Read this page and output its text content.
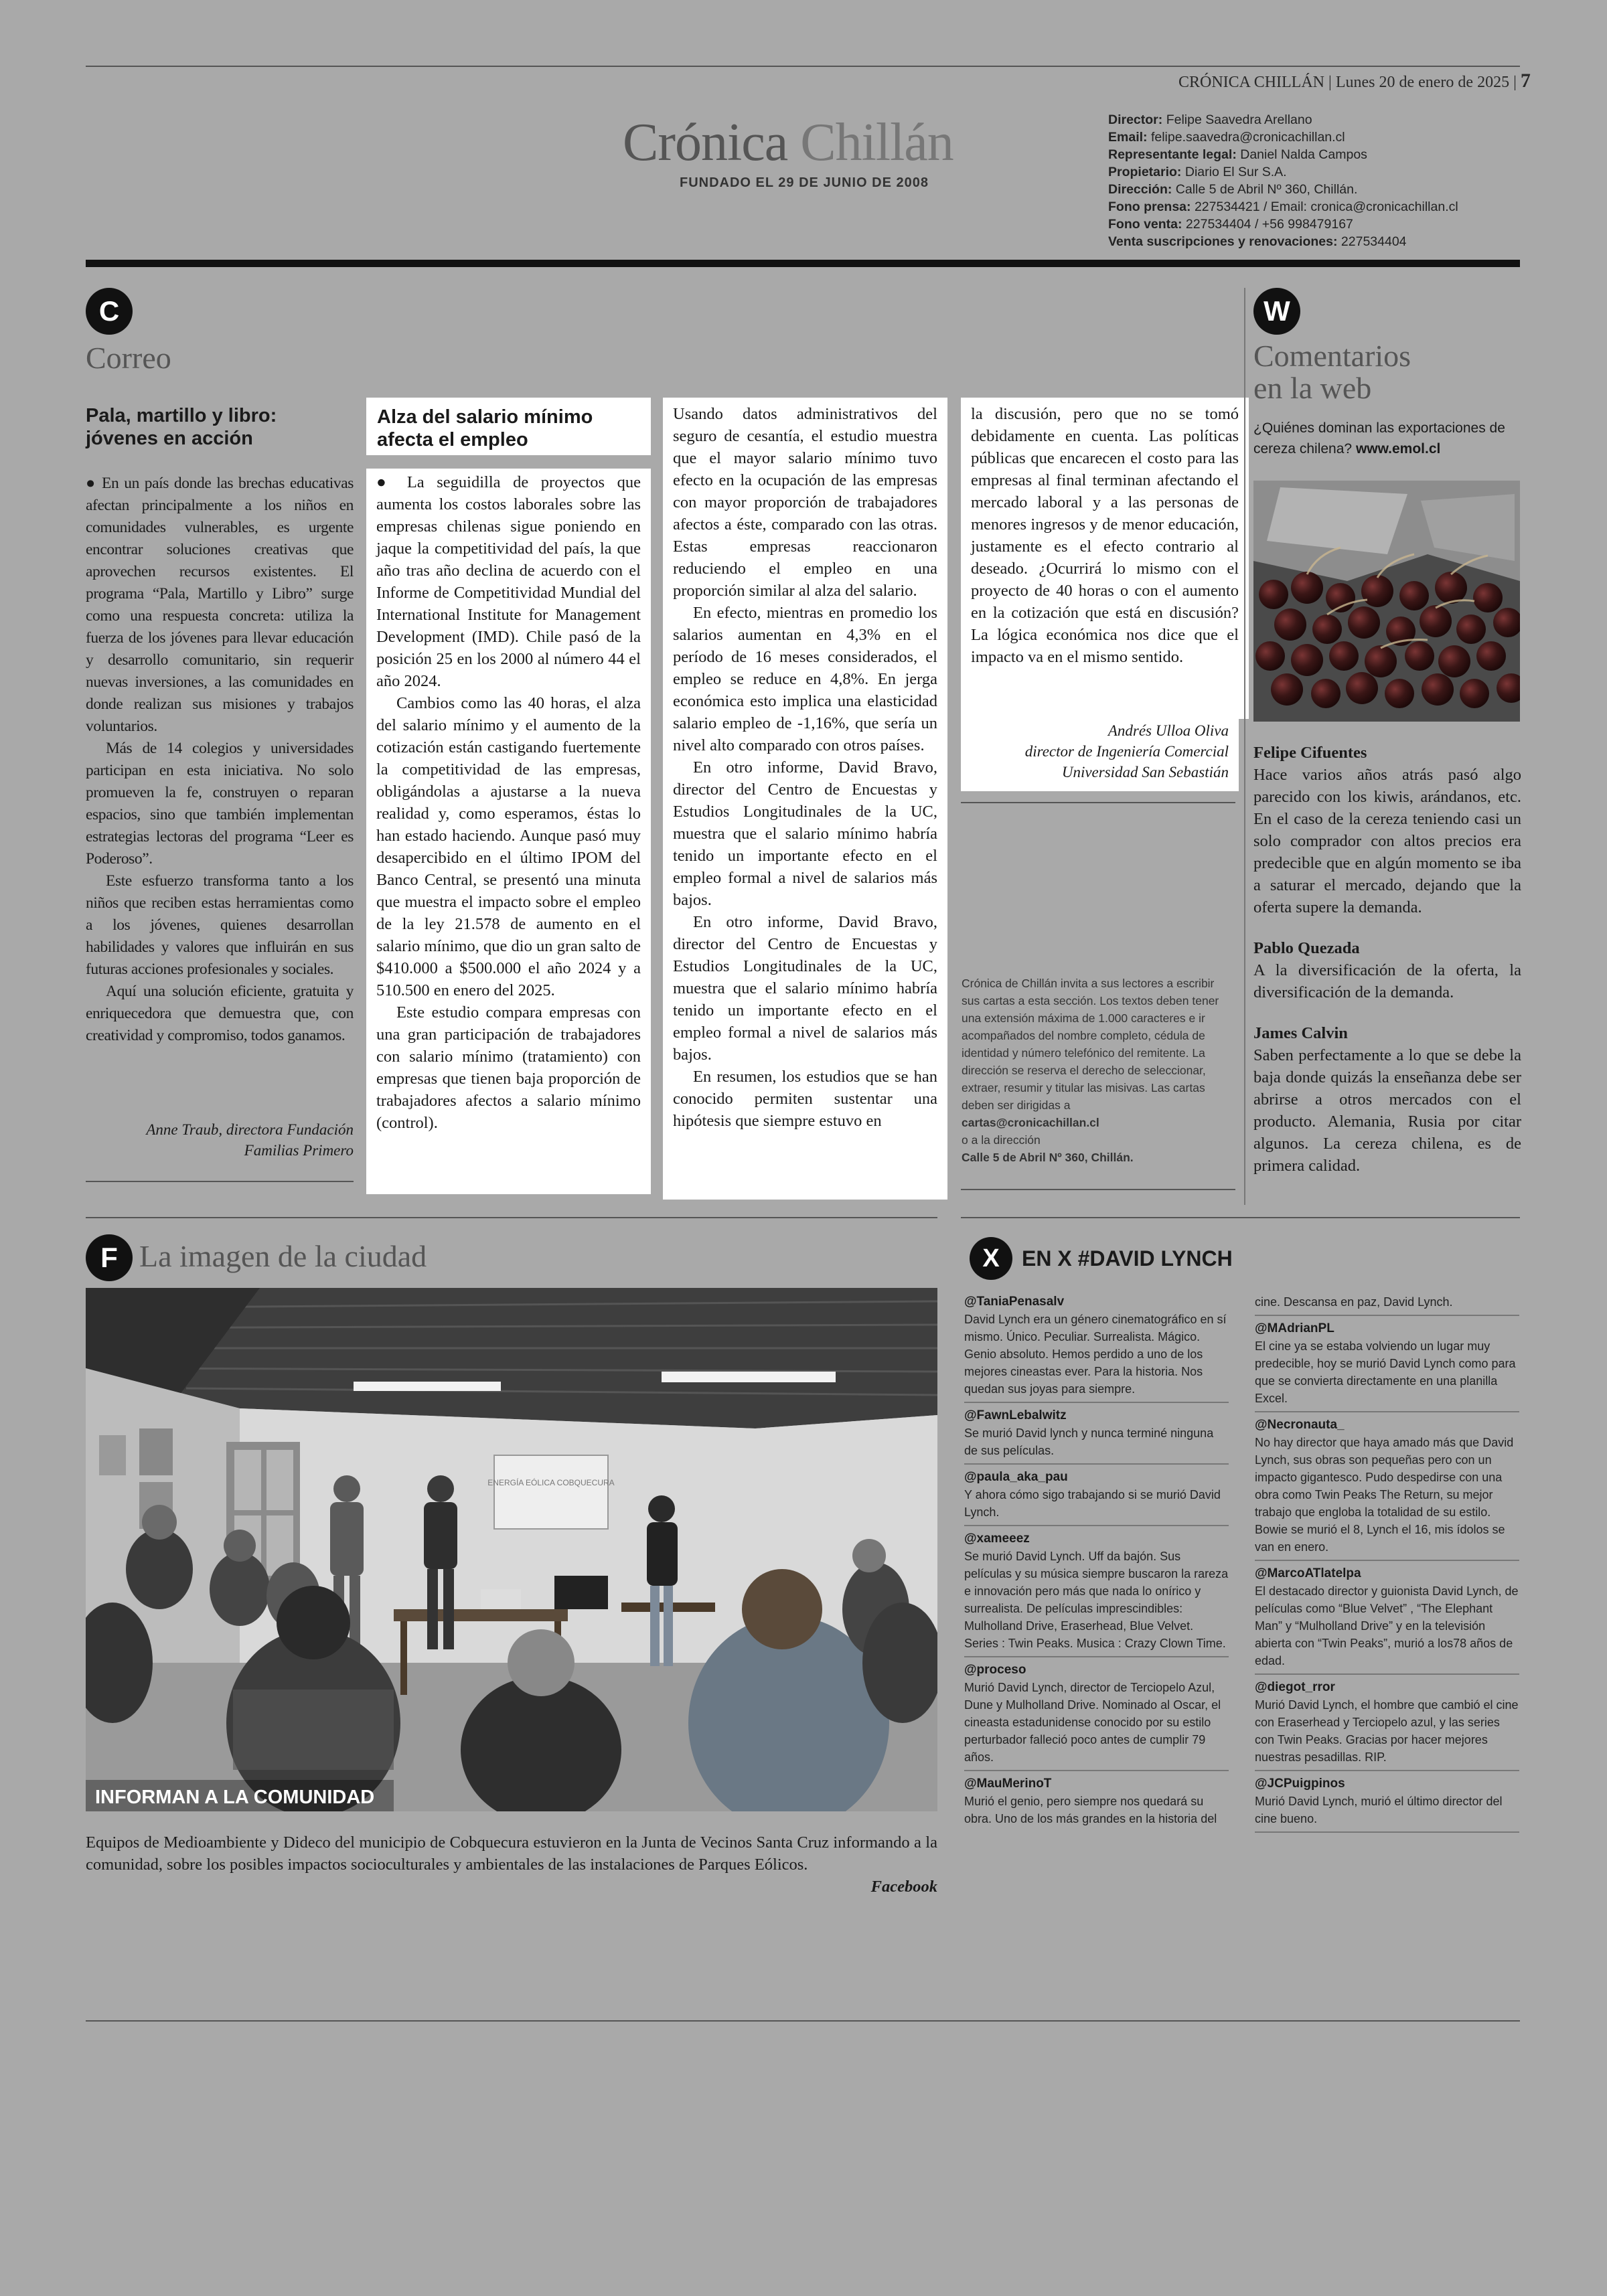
CRÓNICA CHILLÁN | Lunes 20 de enero de 2025 | 7
Crónica Chillán
FUNDADO EL 29 DE JUNIO DE 2008
Director: Felipe Saavedra Arellano
Email: felipe.saavedra@cronicachillan.cl
Representante legal: Daniel Nalda Campos
Propietario: Diario El Sur S.A.
Dirección: Calle 5 de Abril Nº 360, Chillán.
Fono prensa: 227534421 / Email: cronica@cronicachillan.cl
Fono venta: 227534404 / +56 998479167
Venta suscripciones y renovaciones: 227534404
C
Correo
Pala, martillo y libro: jóvenes en acción

● En un país donde las brechas educativas afectan principalmente a los niños en comunidades vulnerables, es urgente encontrar soluciones creativas que aprovechen recursos existentes. El programa “Pala, Martillo y Libro” surge como una respuesta concreta: utiliza la fuerza de los jóvenes para llevar educación y desarrollo comunitario, sin requerir nuevas inversiones, a las comunidades en donde realizan sus misiones y trabajos voluntarios.

Más de 14 colegios y universidades participan en esta iniciativa. No solo promueven la fe, construyen o reparan espacios, sino que también implementan estrategias lectoras del programa “Leer es Poderoso”.

Este esfuerzo transforma tanto a los niños que reciben estas herramientas como a los jóvenes, quienes desarrollan habilidades y valores que influirán en sus futuras acciones profesionales y sociales.

Aquí una solución eficiente, gratuita y enriquecedora que demuestra que, con creatividad y compromiso, todos ganamos.

Anne Traub, directora Fundación
Familias Primero
Alza del salario mínimo afecta el empleo

● La seguidilla de proyectos que aumenta los costos laborales sobre las empresas chilenas sigue poniendo en jaque la competitividad del país, la que año tras año declina de acuerdo con el Informe de Competitividad Mundial del International Institute for Management Development (IMD). Chile pasó de la posición 25 en los 2000 al número 44 el año 2024.

Cambios como las 40 horas, el alza del salario mínimo y el aumento de la cotización están castigando fuertemente la competitividad de las empresas, obligándolas a ajustarse a la nueva realidad y, como esperamos, éstas lo han estado haciendo. Aunque pasó muy desapercibido en el último IPOM del Banco Central, se presentó una minuta que muestra el impacto sobre el empleo de la ley 21.578 de aumento en el salario mínimo, que dio un gran salto de $410.000 a $500.000 el año 2024 y a 510.500 en enero del 2025.

Este estudio compara empresas con una gran participación de trabajadores con salario mínimo (tratamiento) con empresas que tienen baja proporción de trabajadores afectos a salario mínimo (control).

Usando datos administrativos del seguro de cesantía, el estudio muestra que el mayor salario mínimo tuvo efecto en la ocupación de las empresas con mayor proporción de trabajadores afectos a éste, comparado con las otras. Estas empresas reaccionaron reduciendo el empleo en una proporción similar al alza del salario.

En efecto, mientras en promedio los salarios aumentan en 4,3% en el período de 16 meses considerados, el empleo se reduce en 4,8%. En jerga económica esto implica una elasticidad salario empleo de -1,16%, que sería un nivel alto comparado con otros países.

En otro informe, David Bravo, director del Centro de Encuestas y Estudios Longitudinales de la UC, muestra que el salario mínimo habría tenido un importante efecto en el empleo formal a nivel de salarios más bajos.

En otro informe, David Bravo, director del Centro de Encuestas y Estudios Longitudinales de la UC, muestra que el salario mínimo habría tenido un importante efecto en el empleo formal a nivel de salarios más bajos.

En resumen, los estudios que se han conocido permiten sustentar una hipótesis que siempre estuvo en

la discusión, pero que no se tomó debidamente en cuenta. Las políticas públicas que encarecen el costo para las empresas al final terminan afectando el mercado laboral y a las personas de menores ingresos y de menor educación, justamente es el efecto contrario al deseado. ¿Ocurrirá lo mismo con el proyecto de 40 horas o con el aumento en la cotización que está en discusión? La lógica económica nos dice que el impacto va en el mismo sentido.

Andrés Ulloa Oliva
director de Ingeniería Comercial
Universidad San Sebastián
Crónica de Chillán invita a sus lectores a escribir sus cartas a esta sección. Los textos deben tener una extensión máxima de 1.000 caracteres e ir acompañados del nombre completo, cédula de identidad y número telefónico del remitente. La dirección se reserva el derecho de seleccionar, extraer, resumir y titular las misivas. Las cartas deben ser dirigidas a
cartas@cronicachillan.cl
o a la dirección
Calle 5 de Abril Nº 360, Chillán.
W
Comentarios
en la web
¿Quiénes dominan las exportaciones de cereza chilena? www.emol.cl

Felipe Cifuentes
Hace varios años atrás pasó algo parecido con los kiwis, arándanos, etc. En el caso de la cereza teniendo casi un solo comprador con altos precios era predecible que en algún momento se iba a saturar el mercado, dejando que la oferta supere la demanda.

Pablo Quezada
A la diversificación de la oferta, la diversificación de la demanda.

James Calvin
Saben perfectamente a lo que se debe la baja donde quizás la enseñanza debe ser abrirse a otros mercados con el producto. Alemania, Rusia por citar algunos. La cereza chilena, es de primera calidad.

F La imagen de la ciudad
ENERGÍA EÓLICA COBQUECURA
INFORMAN A LA COMUNIDAD
Equipos de Medioambiente y Dideco del municipio de Cobquecura estuvieron en la Junta de Vecinos Santa Cruz informando a la comunidad, sobre los posibles impactos socioculturales y ambientales de las instalaciones de Parques Eólicos.
Facebook
X	EN X #DAVID LYNCH
@TaniaPenasalv
David Lynch era un género cinematográfico en sí mismo. Único. Peculiar. Surrealista. Mágico. Genio absoluto. Hemos perdido a uno de los mejores cineastas ever. Para la historia. Nos quedan sus joyas para siempre.
@FawnLebalwitz
Se murió David lynch y nunca terminé ninguna de sus películas.
@paula_aka_pau
Y ahora cómo sigo trabajando si se murió David Lynch.
@xameeez
Se murió David Lynch. Uff da bajón. Sus películas y su música siempre buscaron la rareza e innovación pero más que nada lo onírico y surrealista. De películas imprescindibles: Mulholland Drive, Eraserhead, Blue Velvet. Series : Twin Peaks. Musica : Crazy Clown Time.
@proceso
Murió David Lynch, director de Terciopelo Azul, Dune y Mulholland Drive. Nominado al Oscar, el cineasta estadunidense conocido por su estilo perturbador falleció poco antes de cumplir 79 años.
@MauMerinoT
Murió el genio, pero siempre nos quedará su obra. Uno de los más grandes en la historia del
cine. Descansa en paz, David Lynch.
@MAdrianPL
El cine ya se estaba volviendo un lugar muy predecible, hoy se murió David Lynch como para que se convierta directamente en una planilla Excel.
@Necronauta_
No hay director que haya amado más que David Lynch, sus obras son pequeñas pero con un impacto gigantesco. Pudo despedirse con una obra como Twin Peaks The Return, su mejor trabajo que engloba la totalidad de su estilo. Bowie se murió el 8, Lynch el 16, mis ídolos se van en enero.
@MarcoATlatelpa
El destacado director y guionista David Lynch, de películas como “Blue Velvet” , “The Elephant Man” y “Mulholland Drive” y en la televisión abierta con “Twin Peaks”, murió a los78 años de edad.
@diegot_rror
Murió David Lynch, el hombre que cambió el cine con Eraserhead y Terciopelo azul, y las series con Twin Peaks. Gracias por hacer mejores nuestras pesadillas. RIP.
@JCPuigpinos
Murió David Lynch, murió el último director del cine bueno.
